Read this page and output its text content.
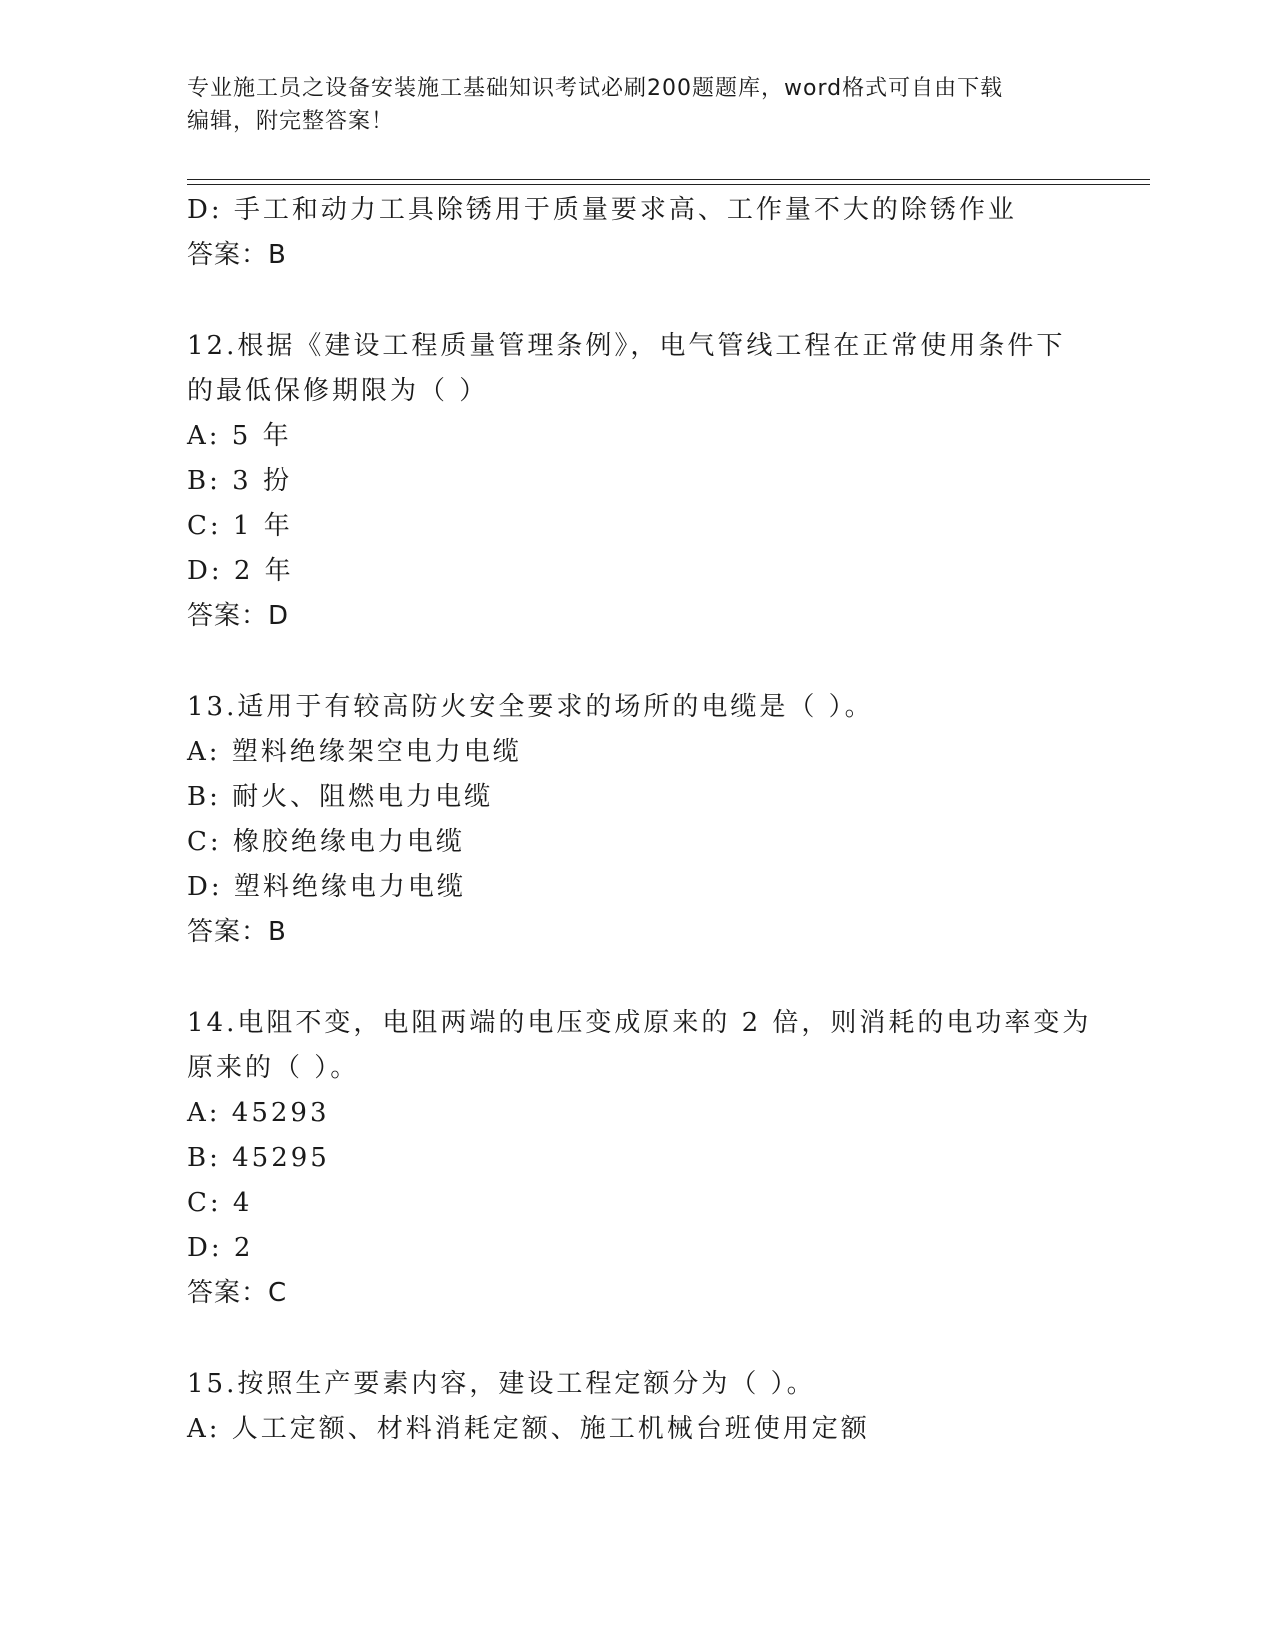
专业施工员之设备安装施工基础知识考试必刷200题题库，word格式可自由下载
编辑，附完整答案！
D: 手工和动力工具除锈用于质量要求高、工作量不大的除锈作业
答案：B
12.根据《建设工程质量管理条例》，电气管线工程在正常使用条件下
的最低保修期限为（ ）
A: 5 年
B: 3 扮
C: 1 年
D: 2 年
答案：D
13.适用于有较高防火安全要求的场所的电缆是（ ）。
A: 塑料绝缘架空电力电缆
B: 耐火、阻燃电力电缆
C: 橡胶绝缘电力电缆
D: 塑料绝缘电力电缆
答案：B
14.电阻不变，电阻两端的电压变成原来的 2 倍，则消耗的电功率变为
原来的（ ）。
A: 45293
B: 45295
C: 4
D: 2
答案：C
15.按照生产要素内容，建设工程定额分为（ ）。
A: 人工定额、材料消耗定额、施工机械台班使用定额
